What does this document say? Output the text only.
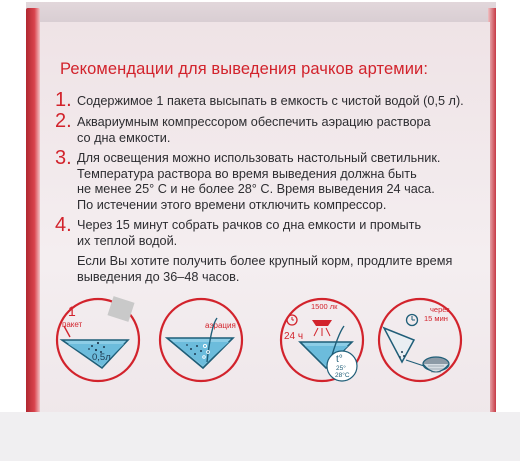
Рекомендации для выведения рачков артемии:
1. Содержимое 1 пакета высыпать в емкость с чистой водой (0,5 л).
2. Аквариумным компрессором обеспечить аэрацию раствора
со дна емкости.
3. Для освещения можно использовать настольный светильник.
Температура раствора во время выведения должна быть
не менее 25° С и не более 28° С. Время выведения 24 часа.
По истечении этого времени отключить компрессор.
4. Через 15 минут собрать рачков со дна емкости и промыть
их теплой водой.
Если Вы хотите получить более крупный корм, продлите время
выведения до 36–48 часов.
1
пакет
0,5л
аэрация
1500 лк
24 ч
t°
25°
28°C
через
15 мин
